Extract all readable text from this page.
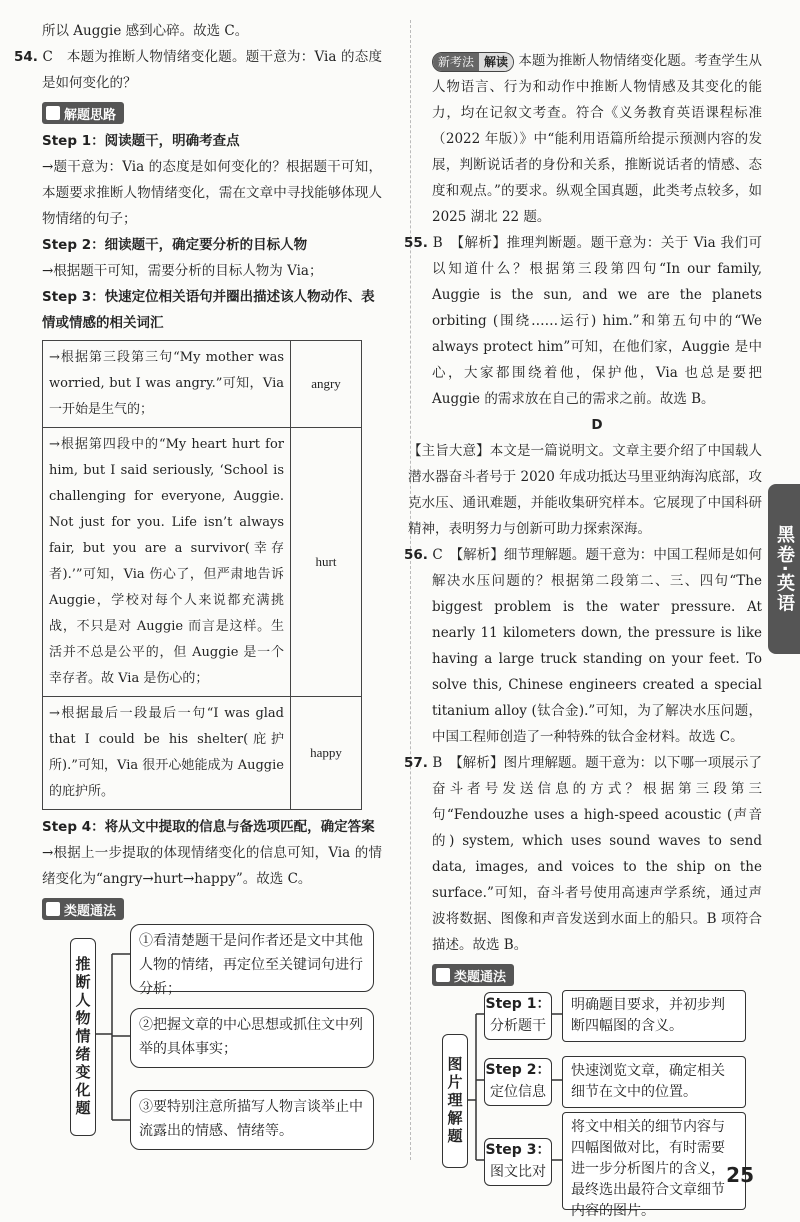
所以 Auggie 感到心碎。故选 C。

54. C　本题为推断人物情绪变化题。题干意为：Via 的态度是如何变化的？

解题思路

Step 1：阅读题干，明确考查点

→题干意为：Via 的态度是如何变化的？根据题干可知，本题要求推断人物情绪变化，需在文章中寻找能够体现人物情绪的句子；

Step 2：细读题干，确定要分析的目标人物

→根据题干可知，需要分析的目标人物为 Via；

Step 3：快速定位相关语句并圈出描述该人物动作、表情或情感的相关词汇

→根据第三段第三句“My mother was worried, but I was angry.”可知，Via 一开始是生气的；	angry
→根据第四段中的“My heart hurt for him, but I said seriously, ‘School is challenging for everyone, Auggie. Not just for you. Life isn’t always fair, but you are a survivor(幸存者).’”可知，Via 伤心了，但严肃地告诉 Auggie，学校对每个人来说都充满挑战，不只是对 Auggie 而言是这样。生活并不总是公平的，但 Auggie 是一个幸存者。故 Via 是伤心的；	hurt
→根据最后一段最后一句“I was glad that I could be his shelter(庇护所).”可知，Via 很开心她能成为 Auggie 的庇护所。	happy

Step 4：将从文中提取的信息与备选项匹配，确定答案

→根据上一步提取的体现情绪变化的信息可知，Via 的情绪变化为“angry→hurt→happy”。故选 C。

类题通法
推断人物情绪变化题
①看清楚题干是问作者还是文中其他人物的情绪，再定位至关键词句进行分析；
②把握文章的中心思想或抓住文中列举的具体事实；
③要特别注意所描写人物言谈举止中流露出的情感、情绪等。

新考法 解读 本题为推断人物情绪变化题。考查学生从人物语言、行为和动作中推断人物情感及其变化的能力，均在记叙文考查。符合《义务教育英语课程标准（2022 年版）》中“能利用语篇所给提示预测内容的发展，判断说话者的身份和关系，推断说话者的情感、态度和观点。”的要求。纵观全国真题，此类考点较多，如 2025 湖北 22 题。

55. B　【解析】推理判断题。题干意为：关于 Via 我们可以知道什么？根据第三段第四句“In our family, Auggie is the sun, and we are the planets orbiting (围绕……运行) him.”和第五句中的“We always protect him”可知，在他们家，Auggie 是中心，大家都围绕着他，保护他，Via 也总是要把 Auggie 的需求放在自己的需求之前。故选 B。

D

【主旨大意】本文是一篇说明文。文章主要介绍了中国载人潜水器奋斗者号于 2020 年成功抵达马里亚纳海沟底部，攻克水压、通讯难题，并能收集研究样本。它展现了中国科研精神，表明努力与创新可助力探索深海。

56. C　【解析】细节理解题。题干意为：中国工程师是如何解决水压问题的？根据第二段第二、三、四句“The biggest problem is the water pressure. At nearly 11 kilometers down, the pressure is like having a large truck standing on your feet. To solve this, Chinese engineers created a special titanium alloy (钛合金).”可知，为了解决水压问题，中国工程师创造了一种特殊的钛合金材料。故选 C。

57. B　【解析】图片理解题。题干意为：以下哪一项展示了奋斗者号发送信息的方式？根据第三段第三句“Fendouzhe uses a high-speed acoustic (声音的) system, which uses sound waves to send data, images, and voices to the ship on the surface.”可知，奋斗者号使用高速声学系统，通过声波将数据、图像和声音发送到水面上的船只。B 项符合描述。故选 B。

类题通法
图片理解题
Step 1：
分析题干
明确题目要求，并初步判断四幅图的含义。
Step 2：
定位信息
快速浏览文章，确定相关细节在文中的位置。
Step 3：
图文比对
将文中相关的细节内容与四幅图做对比，有时需要进一步分析图片的含义，最终选出最符合文章细节内容的图片。
黑卷·英语
25
